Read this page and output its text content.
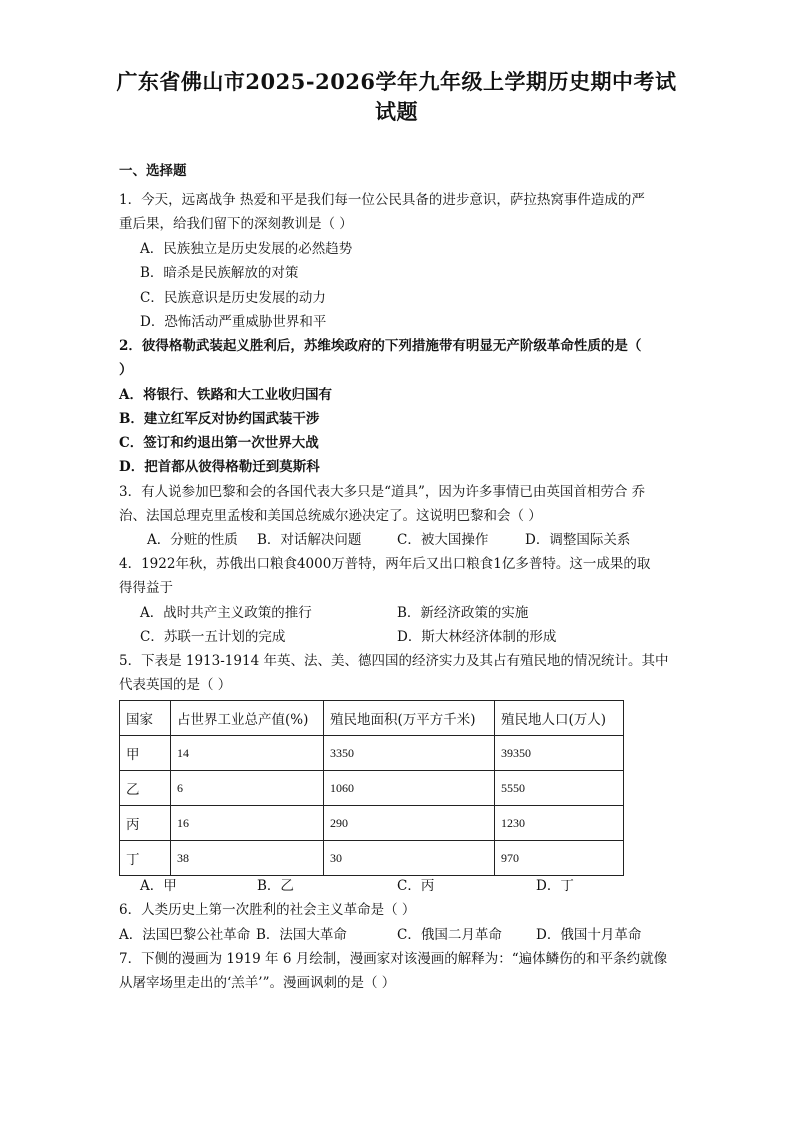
广东省佛山市2025-2026学年九年级上学期历史期中考试
试题
一、选择题
1．今天，远离战争 热爱和平是我们每一位公民具备的进步意识，萨拉热窝事件造成的严
重后果，给我们留下的深刻教训是（ ）
A．民族独立是历史发展的必然趋势
B．暗杀是民族解放的对策
C．民族意识是历史发展的动力
D．恐怖活动严重威胁世界和平
2．彼得格勒武装起义胜利后，苏维埃政府的下列措施带有明显无产阶级革命性质的是（
）
A．将银行、铁路和大工业收归国有
B．建立红军反对协约国武装干涉
C．签订和约退出第一次世界大战
D．把首都从彼得格勒迁到莫斯科
3．有人说参加巴黎和会的各国代表大多只是“道具”，因为许多事情已由英国首相劳合 乔
治、法国总理克里孟梭和美国总统威尔逊决定了。这说明巴黎和会（ ）
A．分赃的性质 B．对话解决问题	C．被大国操作	D．调整国际关系
4．1922年秋，苏俄出口粮食4000万普特，两年后又出口粮食1亿多普特。这一成果的取
得得益于
A．战时共产主义政策的推行	B．新经济政策的实施
C．苏联一五计划的完成	D．斯大林经济体制的形成
5．下表是 1913-1914 年英、法、美、德四国的经济实力及其占有殖民地的情况统计。其中
代表英国的是（ ）
国家	占世界工业总产值(%)	殖民地面积(万平方千米)	殖民地人口(万人)
甲	14	3350	39350
乙	6	1060	5550
丙	16	290	1230
丁	38	30	970
A．甲	B．乙	C．丙	D．丁
6．人类历史上第一次胜利的社会主义革命是（ ）
A．法国巴黎公社革命 B．法国大革命	C．俄国二月革命	D．俄国十月革命
7．下侧的漫画为 1919 年 6 月绘制，漫画家对该漫画的解释为：“遍体鳞伤的和平条约就像
从屠宰场里走出的‘羔羊’”。漫画讽刺的是（ ）
